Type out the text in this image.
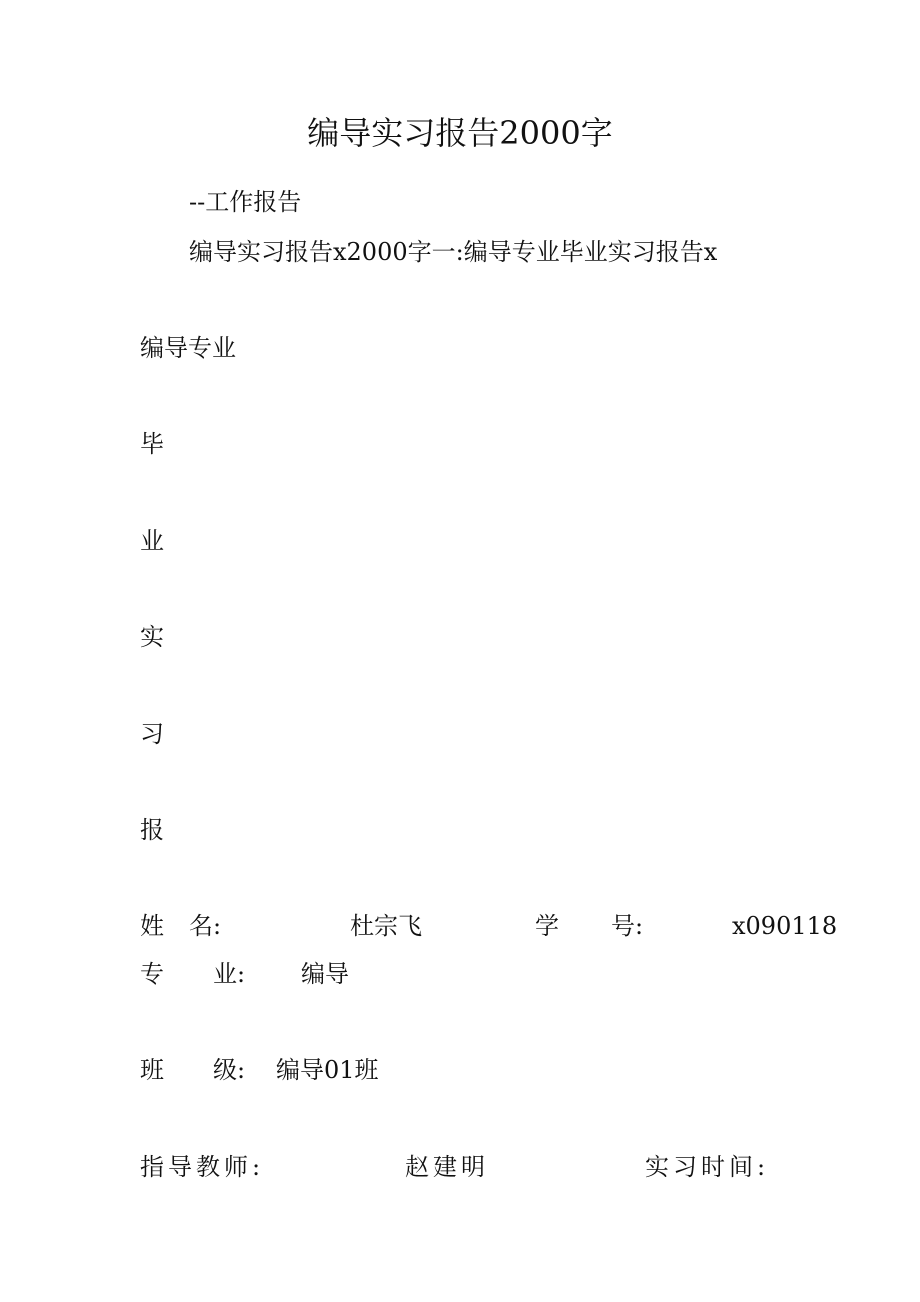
编导实习报告2000字
--工作报告
编导实习报告x2000字一:编导专业毕业实习报告x
编导专业
毕
业
实
习
报
姓 名:	杜宗飞	学 号:	x090118
专 业: 编导
班 级: 编导01班
指导教师:	赵建明	实习时间:
